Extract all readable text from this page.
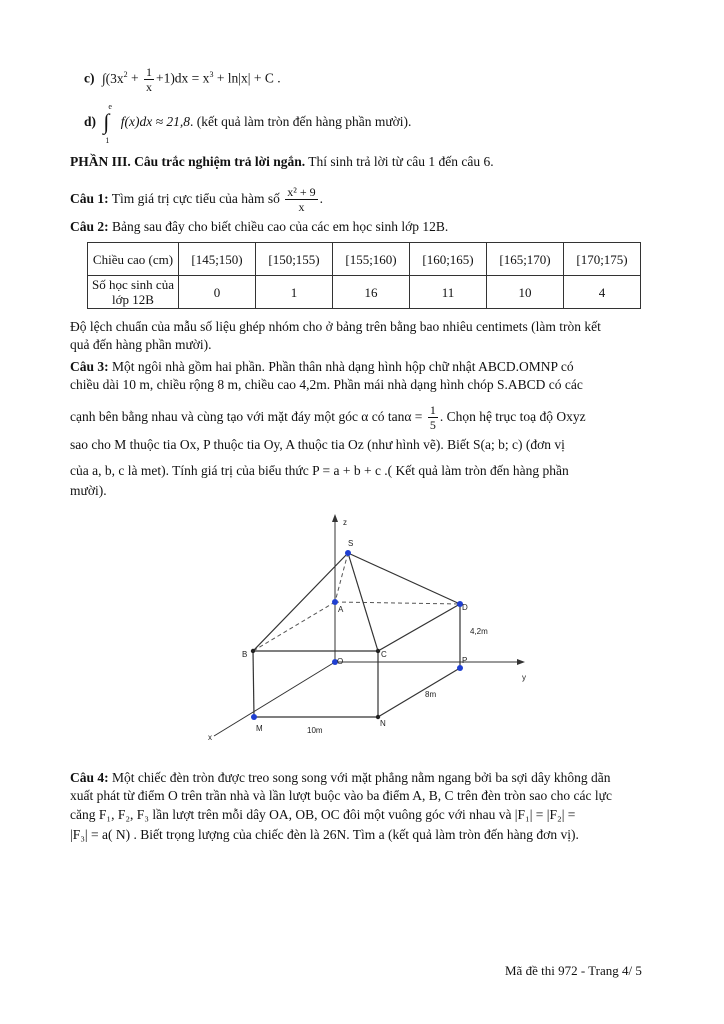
c) $\int(3x^2 + \frac{1}{x} +1)dx = x^3 + \ln|x| + C$ .
d) ∫
e
1
f(x)dx ≈ 21,8. (kết quả làm tròn đến hàng phần mười).
PHẦN III. Câu trắc nghiệm trả lời ngắn. Thí sinh trả lời từ câu 1 đến câu 6.
Câu 1: Tìm giá trị cực tiểu của hàm số $\frac{\text{x² + 9}}{x}$ .
Câu 2: Bảng sau đây cho biết chiều cao của các em học sinh lớp 12B.
Chiều cao (cm)	[145;150)	[150;155)	[155;160)	[160;165)	[165;170)	[170;175)
Số học sinh của lớp 12B	0	1	16	11	10	4
Độ lệch chuẩn của mẫu số liệu ghép nhóm cho ở bảng trên bằng bao nhiêu centimets (làm tròn kết
quả đến hàng phần mười).
Câu 3: Một ngôi nhà gồm hai phần. Phần thân nhà dạng hình hộp chữ nhật ABCD.OMNP có
chiều dài 10 m, chiều rộng 8 m, chiều cao 4,2m. Phần mái nhà dạng hình chóp S.ABCD có các
cạnh bên bằng nhau và cùng tạo với mặt đáy một góc α có $\tan\alpha = \frac{1}{5}$ . Chọn hệ trục toạ độ Oxyz
sao cho M thuộc tia Ox, P thuộc tia Oy, A thuộc tia Oz (như hình vẽ). Biết S(a; b; c) (đơn vị
của a, b, c là met). Tính giá trị của biểu thức P = a + b + c .( Kết quả làm tròn đến hàng phần
mười).
z
S
A	D
B	C
O	P
y
M
N
x
4,2m
8m
10m
Câu 4: Một chiếc đèn tròn được treo song song với mặt phẳng nằm ngang bởi ba sợi dây không dãn
xuất phát từ điểm O trên trần nhà và lần lượt buộc vào ba điểm A, B, C trên đèn tròn sao cho các lực
căng F₁, F₂, F₃ lần lượt trên mỗi dây OA, OB, OC đôi một vuông góc với nhau và |F₁| = |F₂| =
|F₃| = a( N) . Biết trọng lượng của chiếc đèn là 26N. Tìm a (kết quả làm tròn đến hàng đơn vị).
Mã đề thi 972 - Trang 4/ 5
